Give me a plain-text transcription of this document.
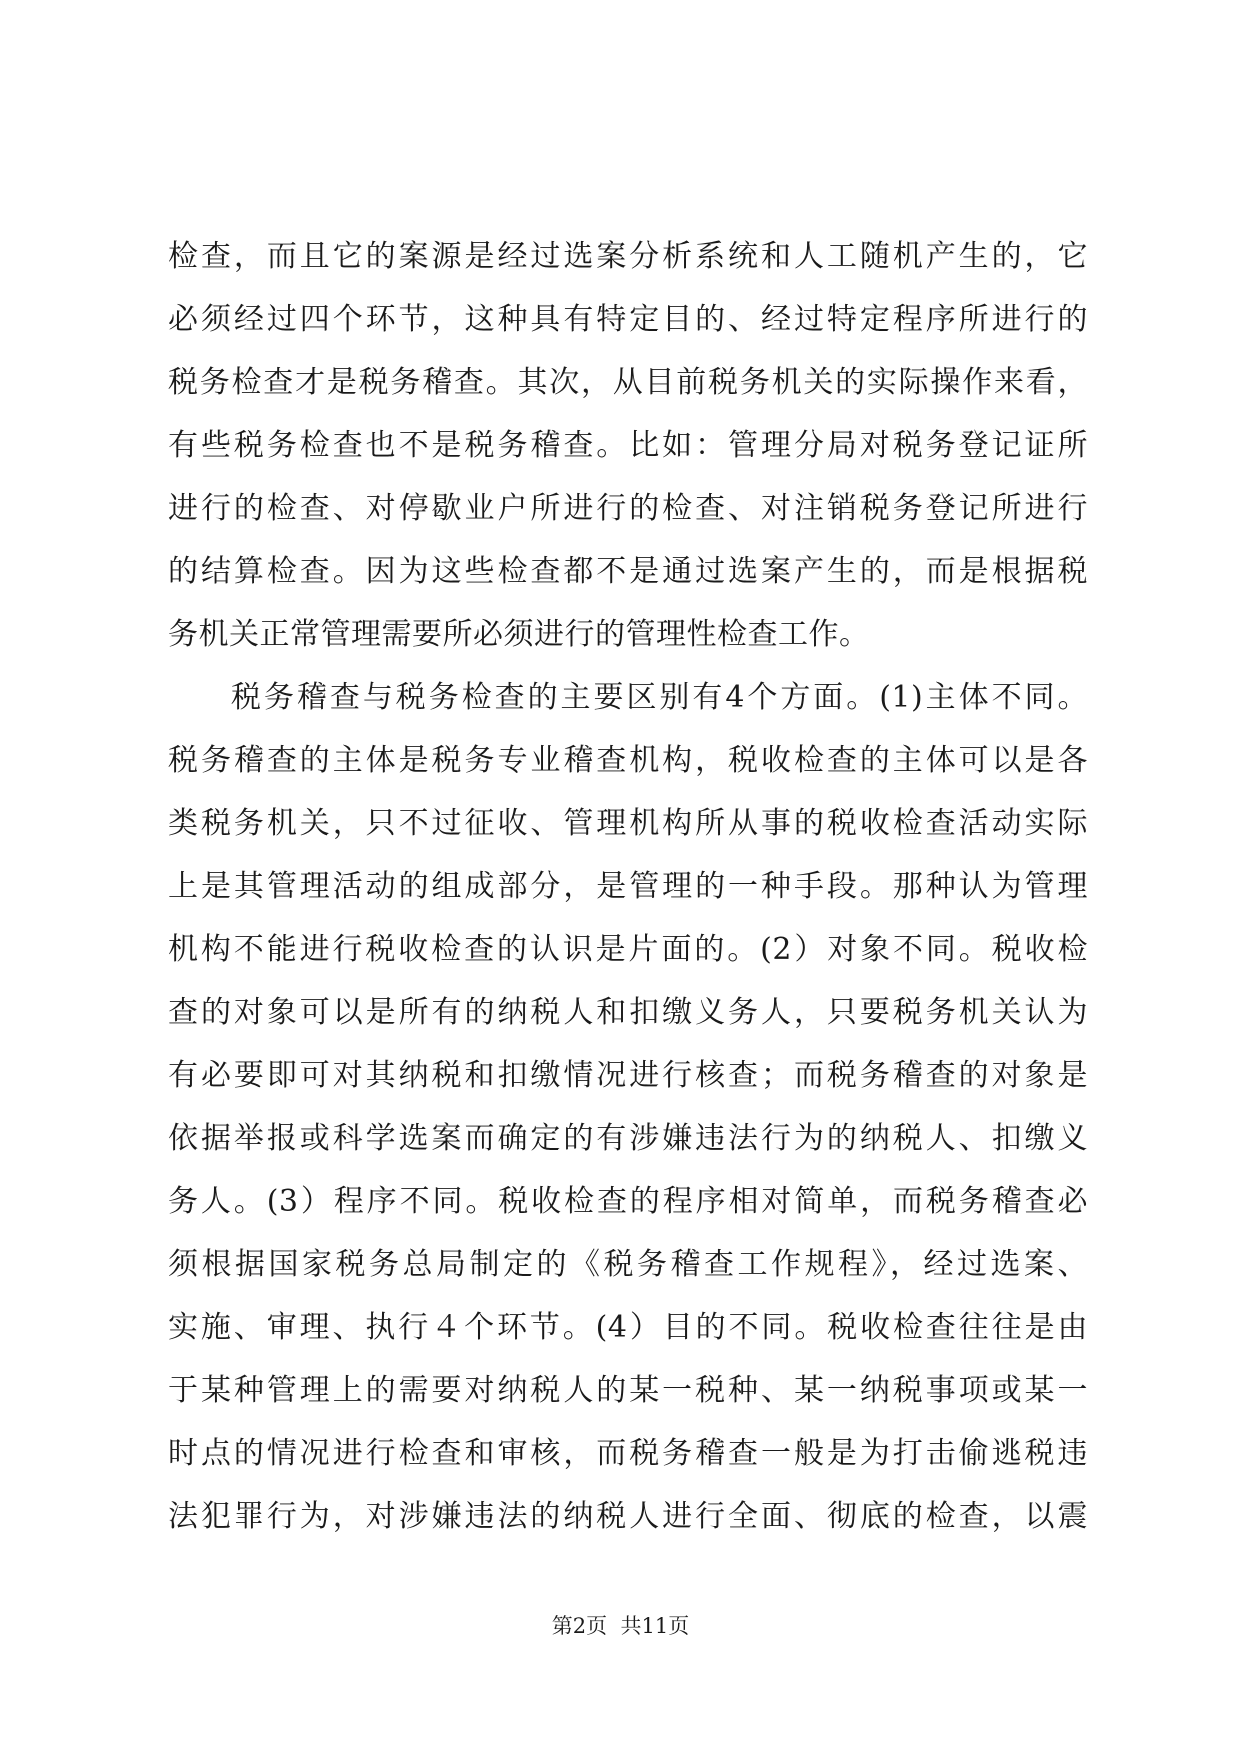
检查，而且它的案源是经过选案分析系统和人工随机产生的，它
必须经过四个环节，这种具有特定目的、经过特定程序所进行的
税务检查才是税务稽查。其次，从目前税务机关的实际操作来看，
有些税务检查也不是税务稽查。比如：管理分局对税务登记证所
进行的检查、对停歇业户所进行的检查、对注销税务登记所进行
的结算检查。因为这些检查都不是通过选案产生的，而是根据税
务机关正常管理需要所必须进行的管理性检查工作。
税务稽查与税务检查的主要区别有4个方面。(1)主体不同。
税务稽查的主体是税务专业稽查机构，税收检查的主体可以是各
类税务机关，只不过征收、管理机构所从事的税收检查活动实际
上是其管理活动的组成部分，是管理的一种手段。那种认为管理
机构不能进行税收检查的认识是片面的。(2）对象不同。税收检
查的对象可以是所有的纳税人和扣缴义务人，只要税务机关认为
有必要即可对其纳税和扣缴情况进行核查；而税务稽查的对象是
依据举报或科学选案而确定的有涉嫌违法行为的纳税人、扣缴义
务人。(3）程序不同。税收检查的程序相对简单，而税务稽查必
须根据国家税务总局制定的《税务稽查工作规程》，经过选案、
实施、审理、执行４个环节。(4）目的不同。税收检查往往是由
于某种管理上的需要对纳税人的某一税种、某一纳税事项或某一
时点的情况进行检查和审核，而税务稽查一般是为打击偷逃税违
法犯罪行为，对涉嫌违法的纳税人进行全面、彻底的检查，以震
第2页  共11页
